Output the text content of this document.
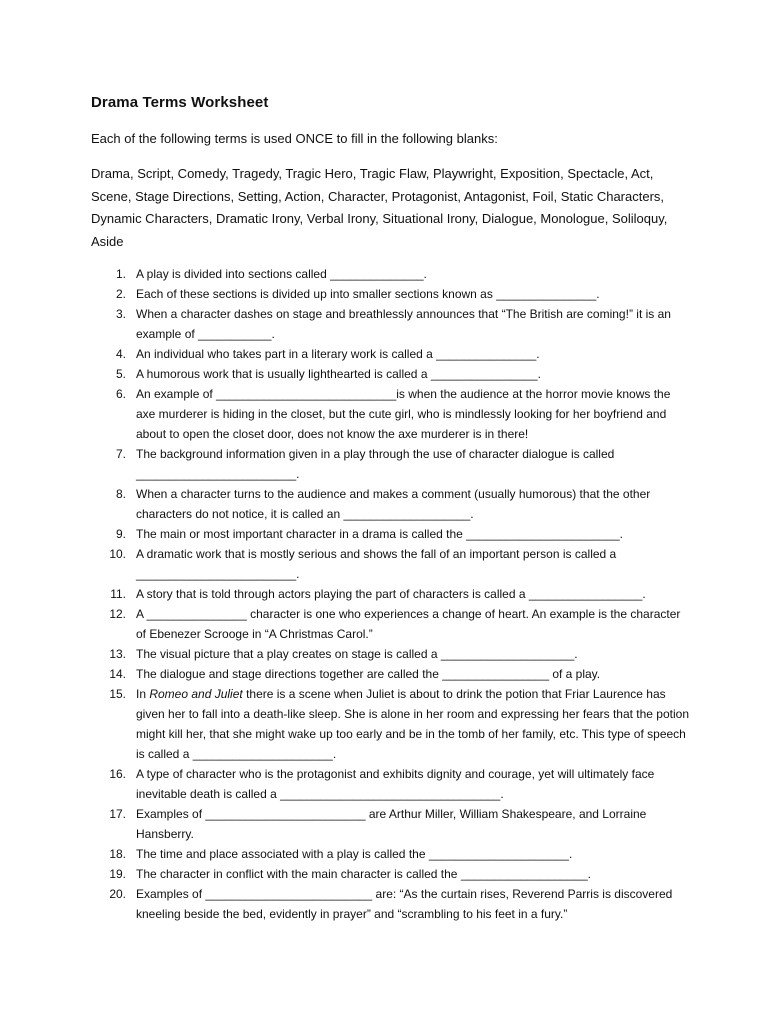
Drama Terms Worksheet
Each of the following terms is used ONCE to fill in the following blanks:
Drama, Script, Comedy, Tragedy, Tragic Hero, Tragic Flaw, Playwright, Exposition, Spectacle, Act, Scene, Stage Directions, Setting, Action, Character, Protagonist, Antagonist, Foil, Static Characters, Dynamic Characters, Dramatic Irony, Verbal Irony, Situational Irony, Dialogue, Monologue, Soliloquy, Aside
1. A play is divided into sections called ______________.
2. Each of these sections is divided up into smaller sections known as _______________.
3. When a character dashes on stage and breathlessly announces that “The British are coming!” it is an example of ___________.
4. An individual who takes part in a literary work is called a _______________.
5. A humorous work that is usually lighthearted is called a ________________.
6. An example of ___________________________is when the audience at the horror movie knows the axe murderer is hiding in the closet, but the cute girl, who is mindlessly looking for her boyfriend and about to open the closet door, does not know the axe murderer is in there!
7. The background information given in a play through the use of character dialogue is called ________________________.
8. When a character turns to the audience and makes a comment (usually humorous) that the other characters do not notice, it is called an ___________________.
9. The main or most important character in a drama is called the _______________________.
10. A dramatic work that is mostly serious and shows the fall of an important person is called a ________________________.
11. A story that is told through actors playing the part of characters is called a _________________.
12. A _______________ character is one who experiences a change of heart. An example is the character of Ebenezer Scrooge in “A Christmas Carol.”
13. The visual picture that a play creates on stage is called a ____________________.
14. The dialogue and stage directions together are called the ________________ of a play.
15. In Romeo and Juliet there is a scene when Juliet is about to drink the potion that Friar Laurence has given her to fall into a death-like sleep. She is alone in her room and expressing her fears that the potion might kill her, that she might wake up too early and be in the tomb of her family, etc. This type of speech is called a _____________________.
16. A type of character who is the protagonist and exhibits dignity and courage, yet will ultimately face inevitable death is called a _________________________________.
17. Examples of ________________________ are Arthur Miller, William Shakespeare, and Lorraine Hansberry.
18. The time and place associated with a play is called the _____________________.
19. The character in conflict with the main character is called the ___________________.
20. Examples of _________________________ are: “As the curtain rises, Reverend Parris is discovered kneeling beside the bed, evidently in prayer” and “scrambling to his feet in a fury.”
